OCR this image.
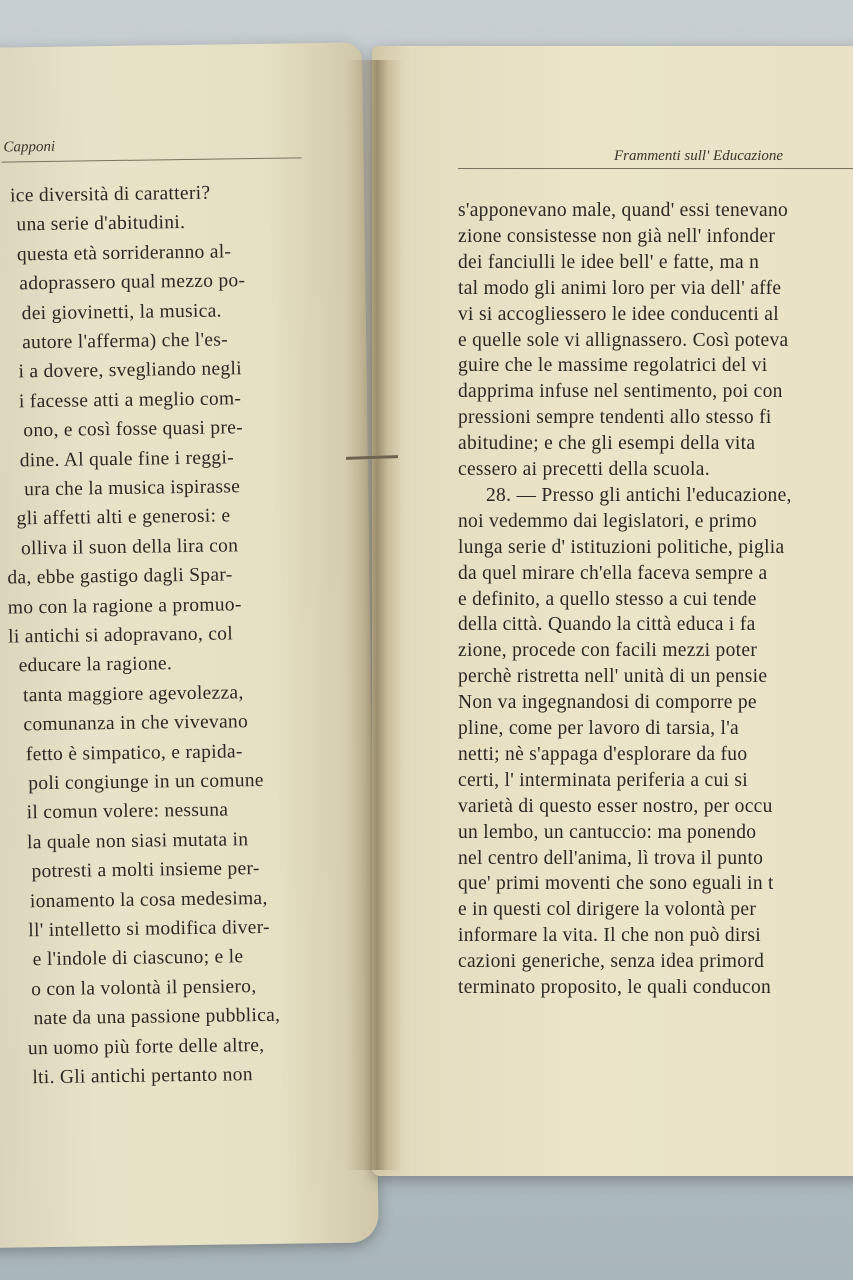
Capponi
ice diversità di caratteri?
una serie d'abitudini.
questa età sorrideranno al-
adoprassero qual mezzo po-
dei giovinetti, la musica.
autore l'afferma) che l'es-
i a dovere, svegliando negli
i facesse atti a meglio com-
ono, e così fosse quasi pre-
dine. Al quale fine i reggi-
ura che la musica ispirasse
gli affetti alti e generosi: e
olliva il suon della lira con
da, ebbe gastigo dagli Spar-
mo con la ragione a promuo-
li antichi si adopravano, col
educare la ragione.
tanta maggiore agevolezza,
comunanza in che vivevano
fetto è simpatico, e rapida-
poli congiunge in un comune
il comun volere: nessuna
la quale non siasi mutata in
potresti a molti insieme per-
ionamento la cosa medesima,
ll' intelletto si modifica diver-
e l'indole di ciascuno; e le
o con la volontà il pensiero,
nate da una passione pubblica,
un uomo più forte delle altre,
lti. Gli antichi pertanto non
Frammenti sull' Educazione
s'apponevano male, quand' essi tenevano
zione consistesse non già nell' infonder
dei fanciulli le idee bell' e fatte, ma n
tal modo gli animi loro per via dell' affe
vi si accogliessero le idee conducenti al
e quelle sole vi allignassero. Così poteva
guire che le massime regolatrici del vi
dapprima infuse nel sentimento, poi con
pressioni sempre tendenti allo stesso fi
abitudine; e che gli esempi della vita
cessero ai precetti della scuola.
28. — Presso gli antichi l'educazione,
noi vedemmo dai legislatori, e primo
lunga serie d' istituzioni politiche, piglia
da quel mirare ch'ella faceva sempre a
e definito, a quello stesso a cui tende
della città. Quando la città educa i fa
zione, procede con facili mezzi poter
perchè ristretta nell' unità di un pensie
Non va ingegnandosi di comporre pe
pline, come per lavoro di tarsia, l'a
netti; nè s'appaga d'esplorare da fuo
certi, l' interminata periferia a cui si
varietà di questo esser nostro, per occu
un lembo, un cantuccio: ma ponendo
nel centro dell'anima, lì trova il punto
que' primi moventi che sono eguali in t
e in questi col dirigere la volontà per
informare la vita. Il che non può dirsi
cazioni generiche, senza idea primord
terminato proposito, le quali conducon
